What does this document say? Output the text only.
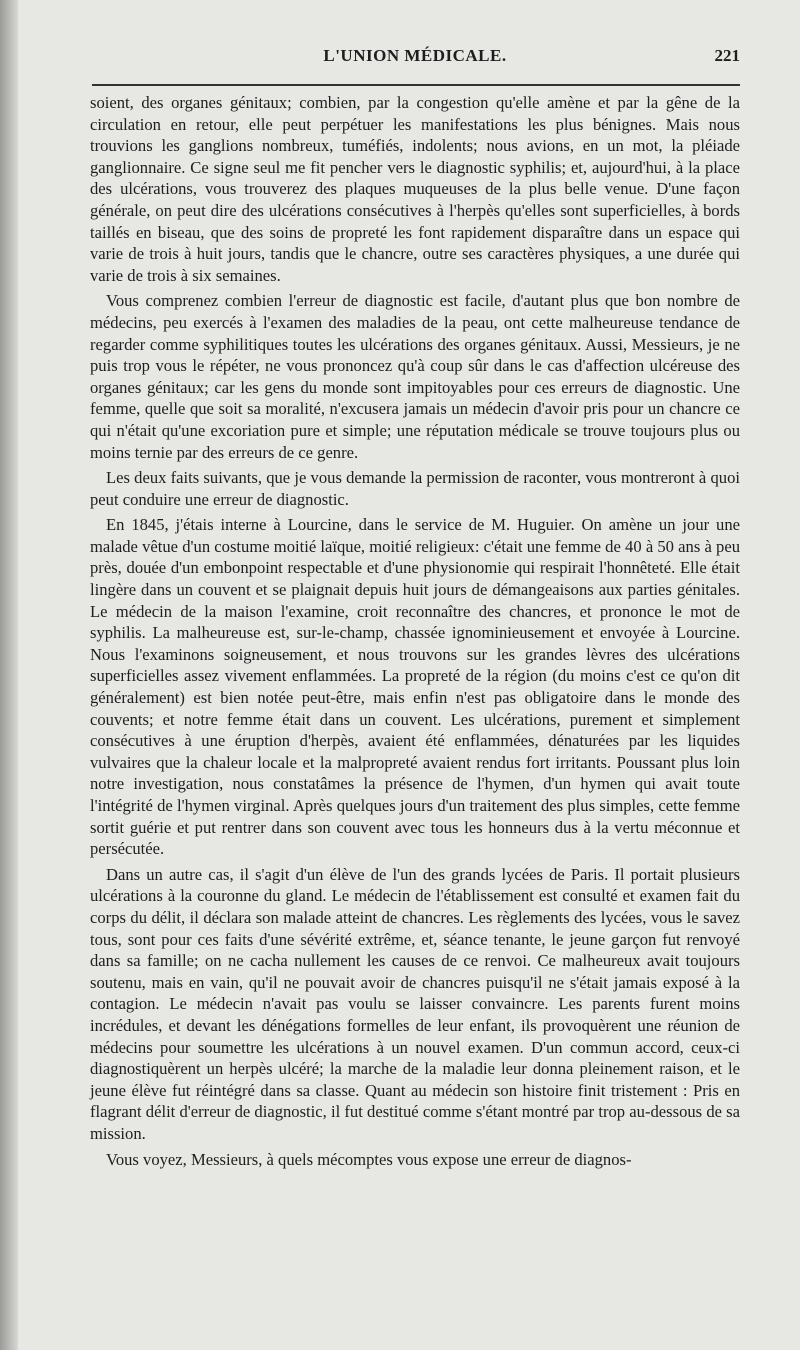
L'UNION MÉDICALE.	221

soient, des organes génitaux; combien, par la congestion qu'elle amène et par la gêne de la circulation en retour, elle peut perpétuer les manifestations les plus bénignes. Mais nous trouvions les ganglions nombreux, tuméfiés, indolents; nous avions, en un mot, la pléiade ganglionnaire. Ce signe seul me fit pencher vers le diagnostic syphilis; et, aujourd'hui, à la place des ulcérations, vous trouverez des plaques muqueuses de la plus belle venue. D'une façon générale, on peut dire des ulcérations consécutives à l'herpès qu'elles sont superficielles, à bords taillés en biseau, que des soins de propreté les font rapidement disparaître dans un espace qui varie de trois à huit jours, tandis que le chancre, outre ses caractères physiques, a une durée qui varie de trois à six semaines.

Vous comprenez combien l'erreur de diagnostic est facile, d'autant plus que bon nombre de médecins, peu exercés à l'examen des maladies de la peau, ont cette malheureuse tendance de regarder comme syphilitiques toutes les ulcérations des organes génitaux. Aussi, Messieurs, je ne puis trop vous le répéter, ne vous prononcez qu'à coup sûr dans le cas d'affection ulcéreuse des organes génitaux; car les gens du monde sont impitoyables pour ces erreurs de diagnostic. Une femme, quelle que soit sa moralité, n'excusera jamais un médecin d'avoir pris pour un chancre ce qui n'était qu'une excoriation pure et simple; une réputation médicale se trouve toujours plus ou moins ternie par des erreurs de ce genre.

Les deux faits suivants, que je vous demande la permission de raconter, vous montreront à quoi peut conduire une erreur de diagnostic.

En 1845, j'étais interne à Lourcine, dans le service de M. Huguier. On amène un jour une malade vêtue d'un costume moitié laïque, moitié religieux: c'était une femme de 40 à 50 ans à peu près, douée d'un embonpoint respectable et d'une physionomie qui respirait l'honnêteté. Elle était lingère dans un couvent et se plaignait depuis huit jours de démangeaisons aux parties génitales. Le médecin de la maison l'examine, croit reconnaître des chancres, et prononce le mot de syphilis. La malheureuse est, sur-le-champ, chassée ignominieusement et envoyée à Lourcine. Nous l'examinons soigneusement, et nous trouvons sur les grandes lèvres des ulcérations superficielles assez vivement enflammées. La propreté de la région (du moins c'est ce qu'on dit généralement) est bien notée peut-être, mais enfin n'est pas obligatoire dans le monde des couvents; et notre femme était dans un couvent. Les ulcérations, purement et simplement consécutives à une éruption d'herpès, avaient été enflammées, dénaturées par les liquides vulvaires que la chaleur locale et la malpropreté avaient rendus fort irritants. Poussant plus loin notre investigation, nous constatâmes la présence de l'hymen, d'un hymen qui avait toute l'intégrité de l'hymen virginal. Après quelques jours d'un traitement des plus simples, cette femme sortit guérie et put rentrer dans son couvent avec tous les honneurs dus à la vertu méconnue et persécutée.

Dans un autre cas, il s'agit d'un élève de l'un des grands lycées de Paris. Il portait plusieurs ulcérations à la couronne du gland. Le médecin de l'établissement est consulté et examen fait du corps du délit, il déclara son malade atteint de chancres. Les règlements des lycées, vous le savez tous, sont pour ces faits d'une sévérité extrême, et, séance tenante, le jeune garçon fut renvoyé dans sa famille; on ne cacha nullement les causes de ce renvoi. Ce malheureux avait toujours soutenu, mais en vain, qu'il ne pouvait avoir de chancres puisqu'il ne s'était jamais exposé à la contagion. Le médecin n'avait pas voulu se laisser convaincre. Les parents furent moins incrédules, et devant les dénégations formelles de leur enfant, ils provoquèrent une réunion de médecins pour soumettre les ulcérations à un nouvel examen. D'un commun accord, ceux-ci diagnostiquèrent un herpès ulcéré; la marche de la maladie leur donna pleinement raison, et le jeune élève fut réintégré dans sa classe. Quant au médecin son histoire finit tristement : Pris en flagrant délit d'erreur de diagnostic, il fut destitué comme s'étant montré par trop au-dessous de sa mission.

Vous voyez, Messieurs, à quels mécomptes vous expose une erreur de diagnos-
